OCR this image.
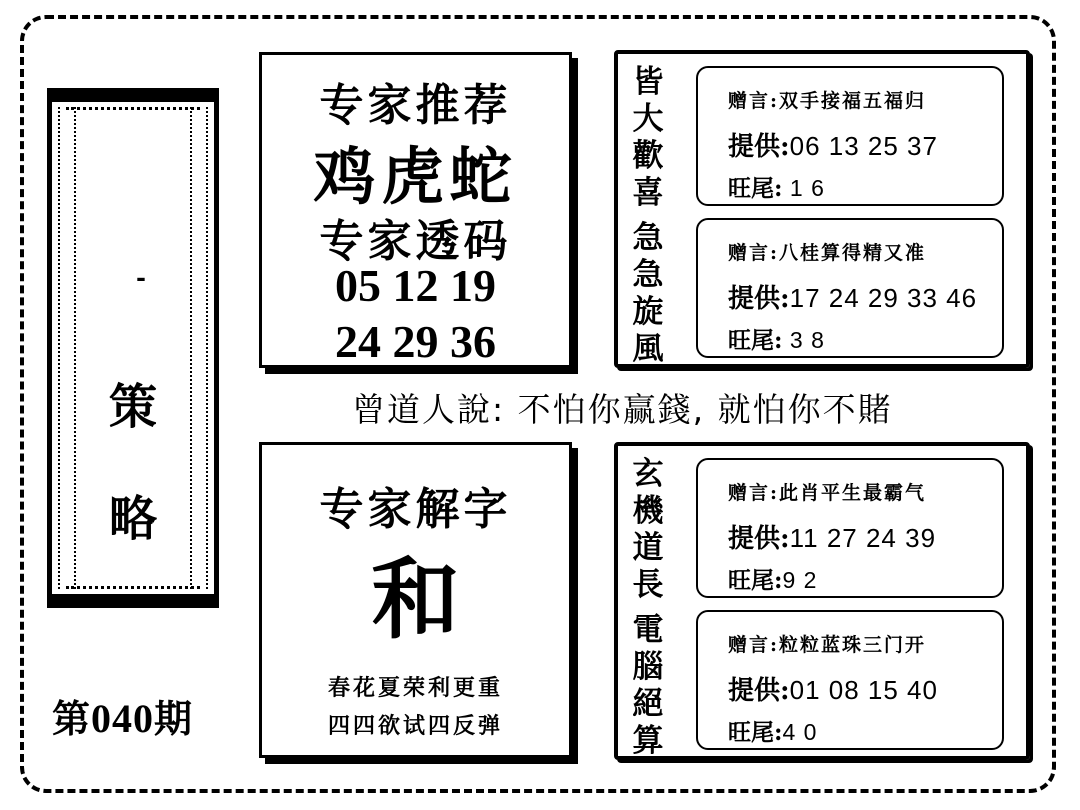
-
策
略
第040期
专家推荐
鸡虎蛇
专家透码
05 12 19
24 29 36
曾道人說: 不怕你赢錢, 就怕你不賭
专家解字
和
春花夏荣利更重
四四欲试四反弹
皆
大
歡
喜
急
急
旋
風
赠言:双手接福五福归
提供:06 13 25 37
旺尾: 1 6
赠言:八桂算得精又准
提供:17 24 29 33 46
旺尾: 3 8
玄
機
道
長
電
腦
絕
算
赠言:此肖平生最霸气
提供:11 27 24 39
旺尾:9 2
赠言:粒粒蓝珠三门开
提供:01 08 15 40
旺尾:4 0
